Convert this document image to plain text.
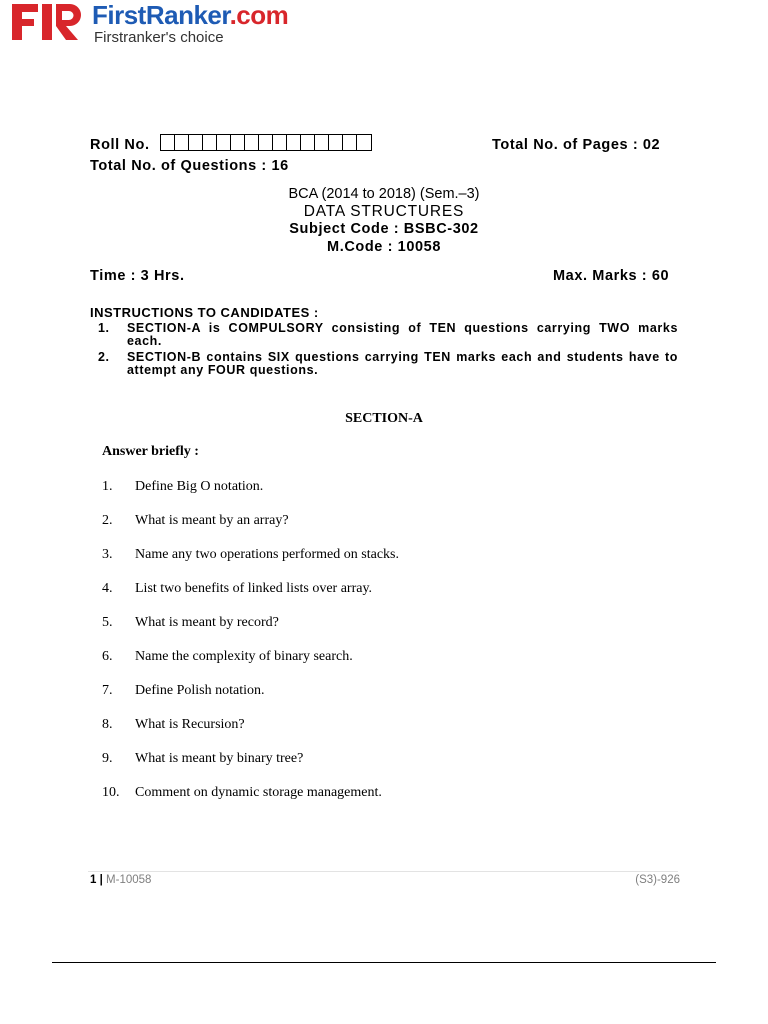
FirstRanker.com
Firstranker's choice
Roll No.	Total No. of Pages : 02
Total No. of Questions : 16
BCA (2014 to 2018) (Sem.–3)
DATA STRUCTURES
Subject Code : BSBC-302
M.Code : 10058
Time : 3 Hrs.	Max. Marks : 60
INSTRUCTIONS TO CANDIDATES :
1. SECTION-A is COMPULSORY consisting of TEN questions carrying TWO marks each.
2. SECTION-B contains SIX questions carrying TEN marks each and students have to attempt any FOUR questions.
SECTION-A
Answer briefly :
1. Define Big O notation.
2. What is meant by an array?
3. Name any two operations performed on stacks.
4. List two benefits of linked lists over array.
5. What is meant by record?
6. Name the complexity of binary search.
7. Define Polish notation.
8. What is Recursion?
9. What is meant by binary tree?
10. Comment on dynamic storage management.
1 | M-10058	(S3)-926
